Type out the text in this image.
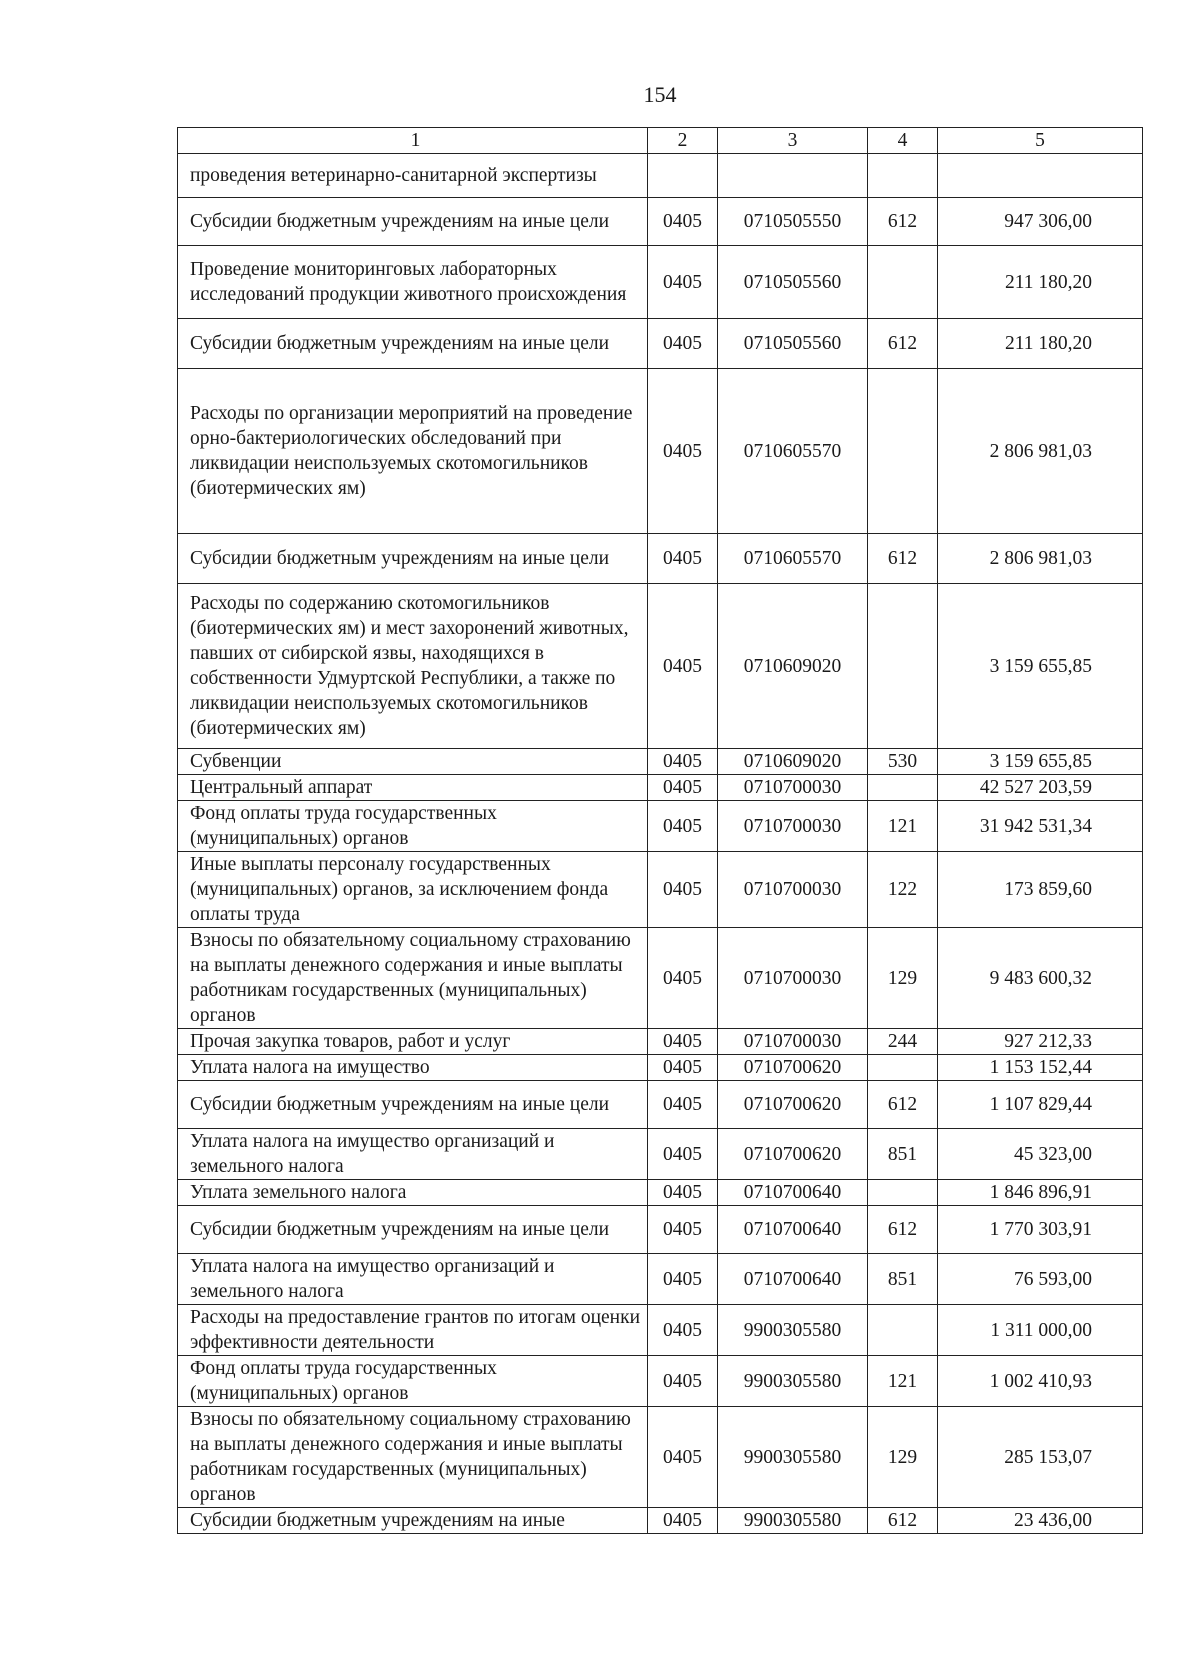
154
1	2	3	4	5
проведения ветеринарно-санитарной экспертизы				
Субсидии бюджетным учреждениям на иные цели	0405	0710505550	612	947 306,00
Проведение мониторинговых лабораторных исследований продукции животного происхождения	0405	0710505560		211 180,20
Субсидии бюджетным учреждениям на иные цели	0405	0710505560	612	211 180,20
Расходы по организации мероприятий на проведение орно-бактериологических обследований при ликвидации неиспользуемых скотомогильников (биотермических ям)	0405	0710605570		2 806 981,03
Субсидии бюджетным учреждениям на иные цели	0405	0710605570	612	2 806 981,03
Расходы по содержанию скотомогильников (биотермических ям) и мест захоронений животных, павших от сибирской язвы, находящихся в собственности Удмуртской Республики, а также по ликвидации неиспользуемых скотомогильников (биотермических ям)	0405	0710609020		3 159 655,85
Субвенции	0405	0710609020	530	3 159 655,85
Центральный аппарат	0405	0710700030		42 527 203,59
Фонд оплаты труда государственных (муниципальных) органов	0405	0710700030	121	31 942 531,34
Иные выплаты персоналу государственных (муниципальных) органов, за исключением фонда оплаты труда	0405	0710700030	122	173 859,60
Взносы по обязательному социальному страхованию на выплаты денежного содержания и иные выплаты работникам государственных (муниципальных) органов	0405	0710700030	129	9 483 600,32
Прочая закупка товаров, работ и услуг	0405	0710700030	244	927 212,33
Уплата налога на имущество	0405	0710700620		1 153 152,44
Субсидии бюджетным учреждениям на иные цели	0405	0710700620	612	1 107 829,44
Уплата налога на имущество организаций и земельного налога	0405	0710700620	851	45 323,00
Уплата земельного налога	0405	0710700640		1 846 896,91
Субсидии бюджетным учреждениям на иные цели	0405	0710700640	612	1 770 303,91
Уплата налога на имущество организаций и земельного налога	0405	0710700640	851	76 593,00
Расходы на предоставление грантов по итогам оценки эффективности деятельности	0405	9900305580		1 311 000,00
Фонд оплаты труда государственных (муниципальных) органов	0405	9900305580	121	1 002 410,93
Взносы по обязательному социальному страхованию на выплаты денежного содержания и иные выплаты работникам государственных (муниципальных) органов	0405	9900305580	129	285 153,07
Субсидии бюджетным учреждениям на иные	0405	9900305580	612	23 436,00
